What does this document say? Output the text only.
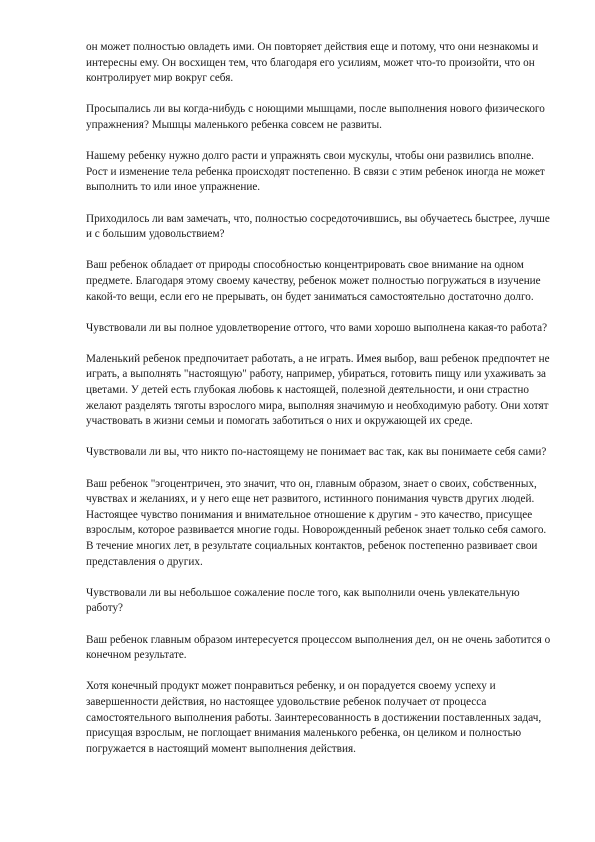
он может полностью овладеть ими. Он повторяет действия еще и потому, что они незнакомы и интересны ему. Он восхищен тем, что благодаря его усилиям, может что-то произойти, что он контролирует мир вокруг себя.

Просыпались ли вы когда-нибудь с ноющими мышцами, после выполнения нового физического упражнения? Мышцы маленького ребенка совсем не развиты.

Нашему ребенку нужно долго расти и упражнять свои мускулы, чтобы они развились вполне. Рост и изменение тела ребенка происходят постепенно. В связи с этим ребенок иногда не может выполнить то или иное упражнение.

Приходилось ли вам замечать, что, полностью сосредоточившись, вы обучаетесь быстрее, лучше и с большим удовольствием?

Ваш ребенок обладает от природы способностью концентрировать свое внимание на одном предмете. Благодаря этому своему качеству, ребенок может полностью погружаться в изучение какой-то вещи, если его не прерывать, он будет заниматься самостоятельно достаточно долго.

Чувствовали ли вы полное удовлетворение оттого, что вами хорошо выполнена какая-то работа?

Маленький ребенок предпочитает работать, а не играть. Имея выбор, ваш ребенок предпочтет не играть, а выполнять "настоящую" работу, например, убираться, готовить пищу или ухаживать за цветами. У детей есть глубокая любовь к настоящей, полезной деятельности, и они страстно желают разделять тяготы взрослого мира, выполняя значимую и необходимую работу. Они хотят участвовать в жизни семьи и помогать заботиться о них и окружающей их среде.

Чувствовали ли вы, что никто по-настоящему не понимает вас так, как вы понимаете себя сами?

Ваш ребенок "эгоцентричен, это значит, что он, главным образом, знает о своих, собственных, чувствах и желаниях, и у него еще нет развитого, истинного понимания чувств других людей. Настоящее чувство понимания и внимательное отношение к другим - это качество, присущее взрослым, которое развивается многие годы. Новорожденный ребенок знает только себя самого. В течение многих лет, в результате социальных контактов, ребенок постепенно развивает свои представления о других.

Чувствовали ли вы небольшое сожаление после того, как выполнили очень увлекательную работу?

Ваш ребенок главным образом интересуется процессом выполнения дел, он не очень заботится о конечном результате.

Хотя конечный продукт может понравиться ребенку, и он порадуется своему успеху и завершенности действия, но настоящее удовольствие ребенок получает от процесса самостоятельного выполнения работы. Заинтересованность в достижении поставленных задач, присущая взрослым, не поглощает внимания маленького ребенка, он целиком и полностью погружается в настоящий момент выполнения действия.
